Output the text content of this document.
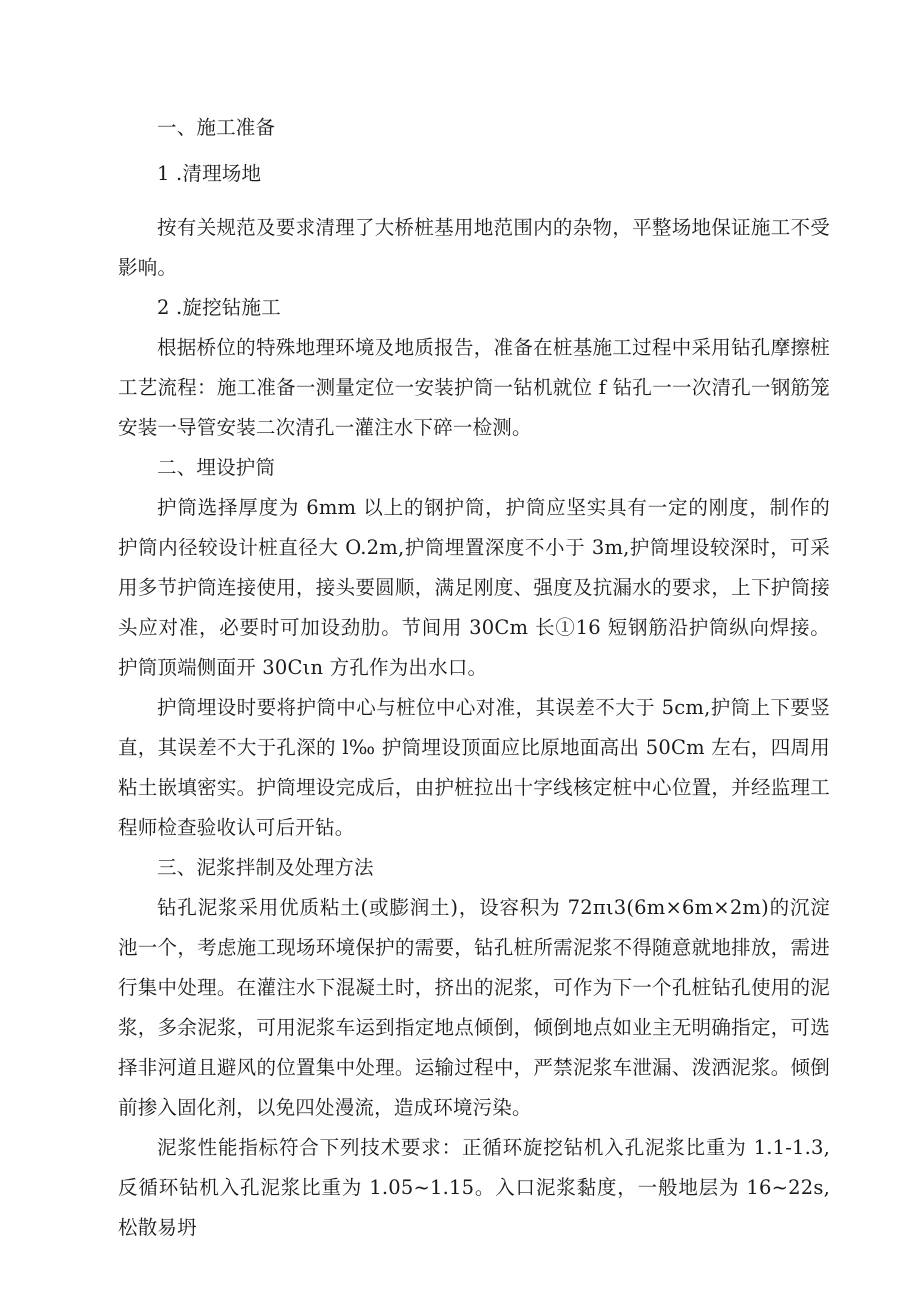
一、施工准备

1 .清理场地

按有关规范及要求清理了大桥桩基用地范围内的杂物，平整场地保证施工不受影响。

2 .旋挖钻施工

根据桥位的特殊地理环境及地质报告，准备在桩基施工过程中采用钻孔摩擦桩工艺流程：施工准备一测量定位一安装护筒一钻机就位 f 钻孔一一次清孔一钢筋笼安装一导管安装二次清孔一灌注水下碎一检测。

二、埋设护筒

护筒选择厚度为 6mm 以上的钢护筒，护筒应坚实具有一定的刚度，制作的护筒内径较设计桩直径大 O.2m,护筒埋置深度不小于 3m,护筒埋设较深时，可采用多节护筒连接使用，接头要圆顺，满足刚度、强度及抗漏水的要求，上下护筒接头应对准，必要时可加设劲肋。节间用 30Cm 长①16 短钢筋沿护筒纵向焊接。护筒顶端侧面开 30Cιn 方孔作为出水口。

护筒埋设时要将护筒中心与桩位中心对准，其误差不大于 5cm,护筒上下要竖直，其误差不大于孔深的 l‰ 护筒埋设顶面应比原地面高出 50Cm 左右，四周用粘土嵌填密实。护筒埋设完成后，由护桩拉出十字线核定桩中心位置，并经监理工程师检查验收认可后开钻。

三、泥浆拌制及处理方法

钻孔泥浆采用优质粘土(或膨润土)，设容积为 72πι3(6m×6m×2m)的沉淀池一个，考虑施工现场环境保护的需要，钻孔桩所需泥浆不得随意就地排放，需进行集中处理。在灌注水下混凝土时，挤出的泥浆，可作为下一个孔桩钻孔使用的泥浆，多余泥浆，可用泥浆车运到指定地点倾倒，倾倒地点如业主无明确指定，可选择非河道且避风的位置集中处理。运输过程中，严禁泥浆车泄漏、泼洒泥浆。倾倒前掺入固化剂，以免四处漫流，造成环境污染。

泥浆性能指标符合下列技术要求：正循环旋挖钻机入孔泥浆比重为 1.1-1.3,反循环钻机入孔泥浆比重为 1.05~1.15。入口泥浆黏度，一般地层为 16~22s,松散易坍
